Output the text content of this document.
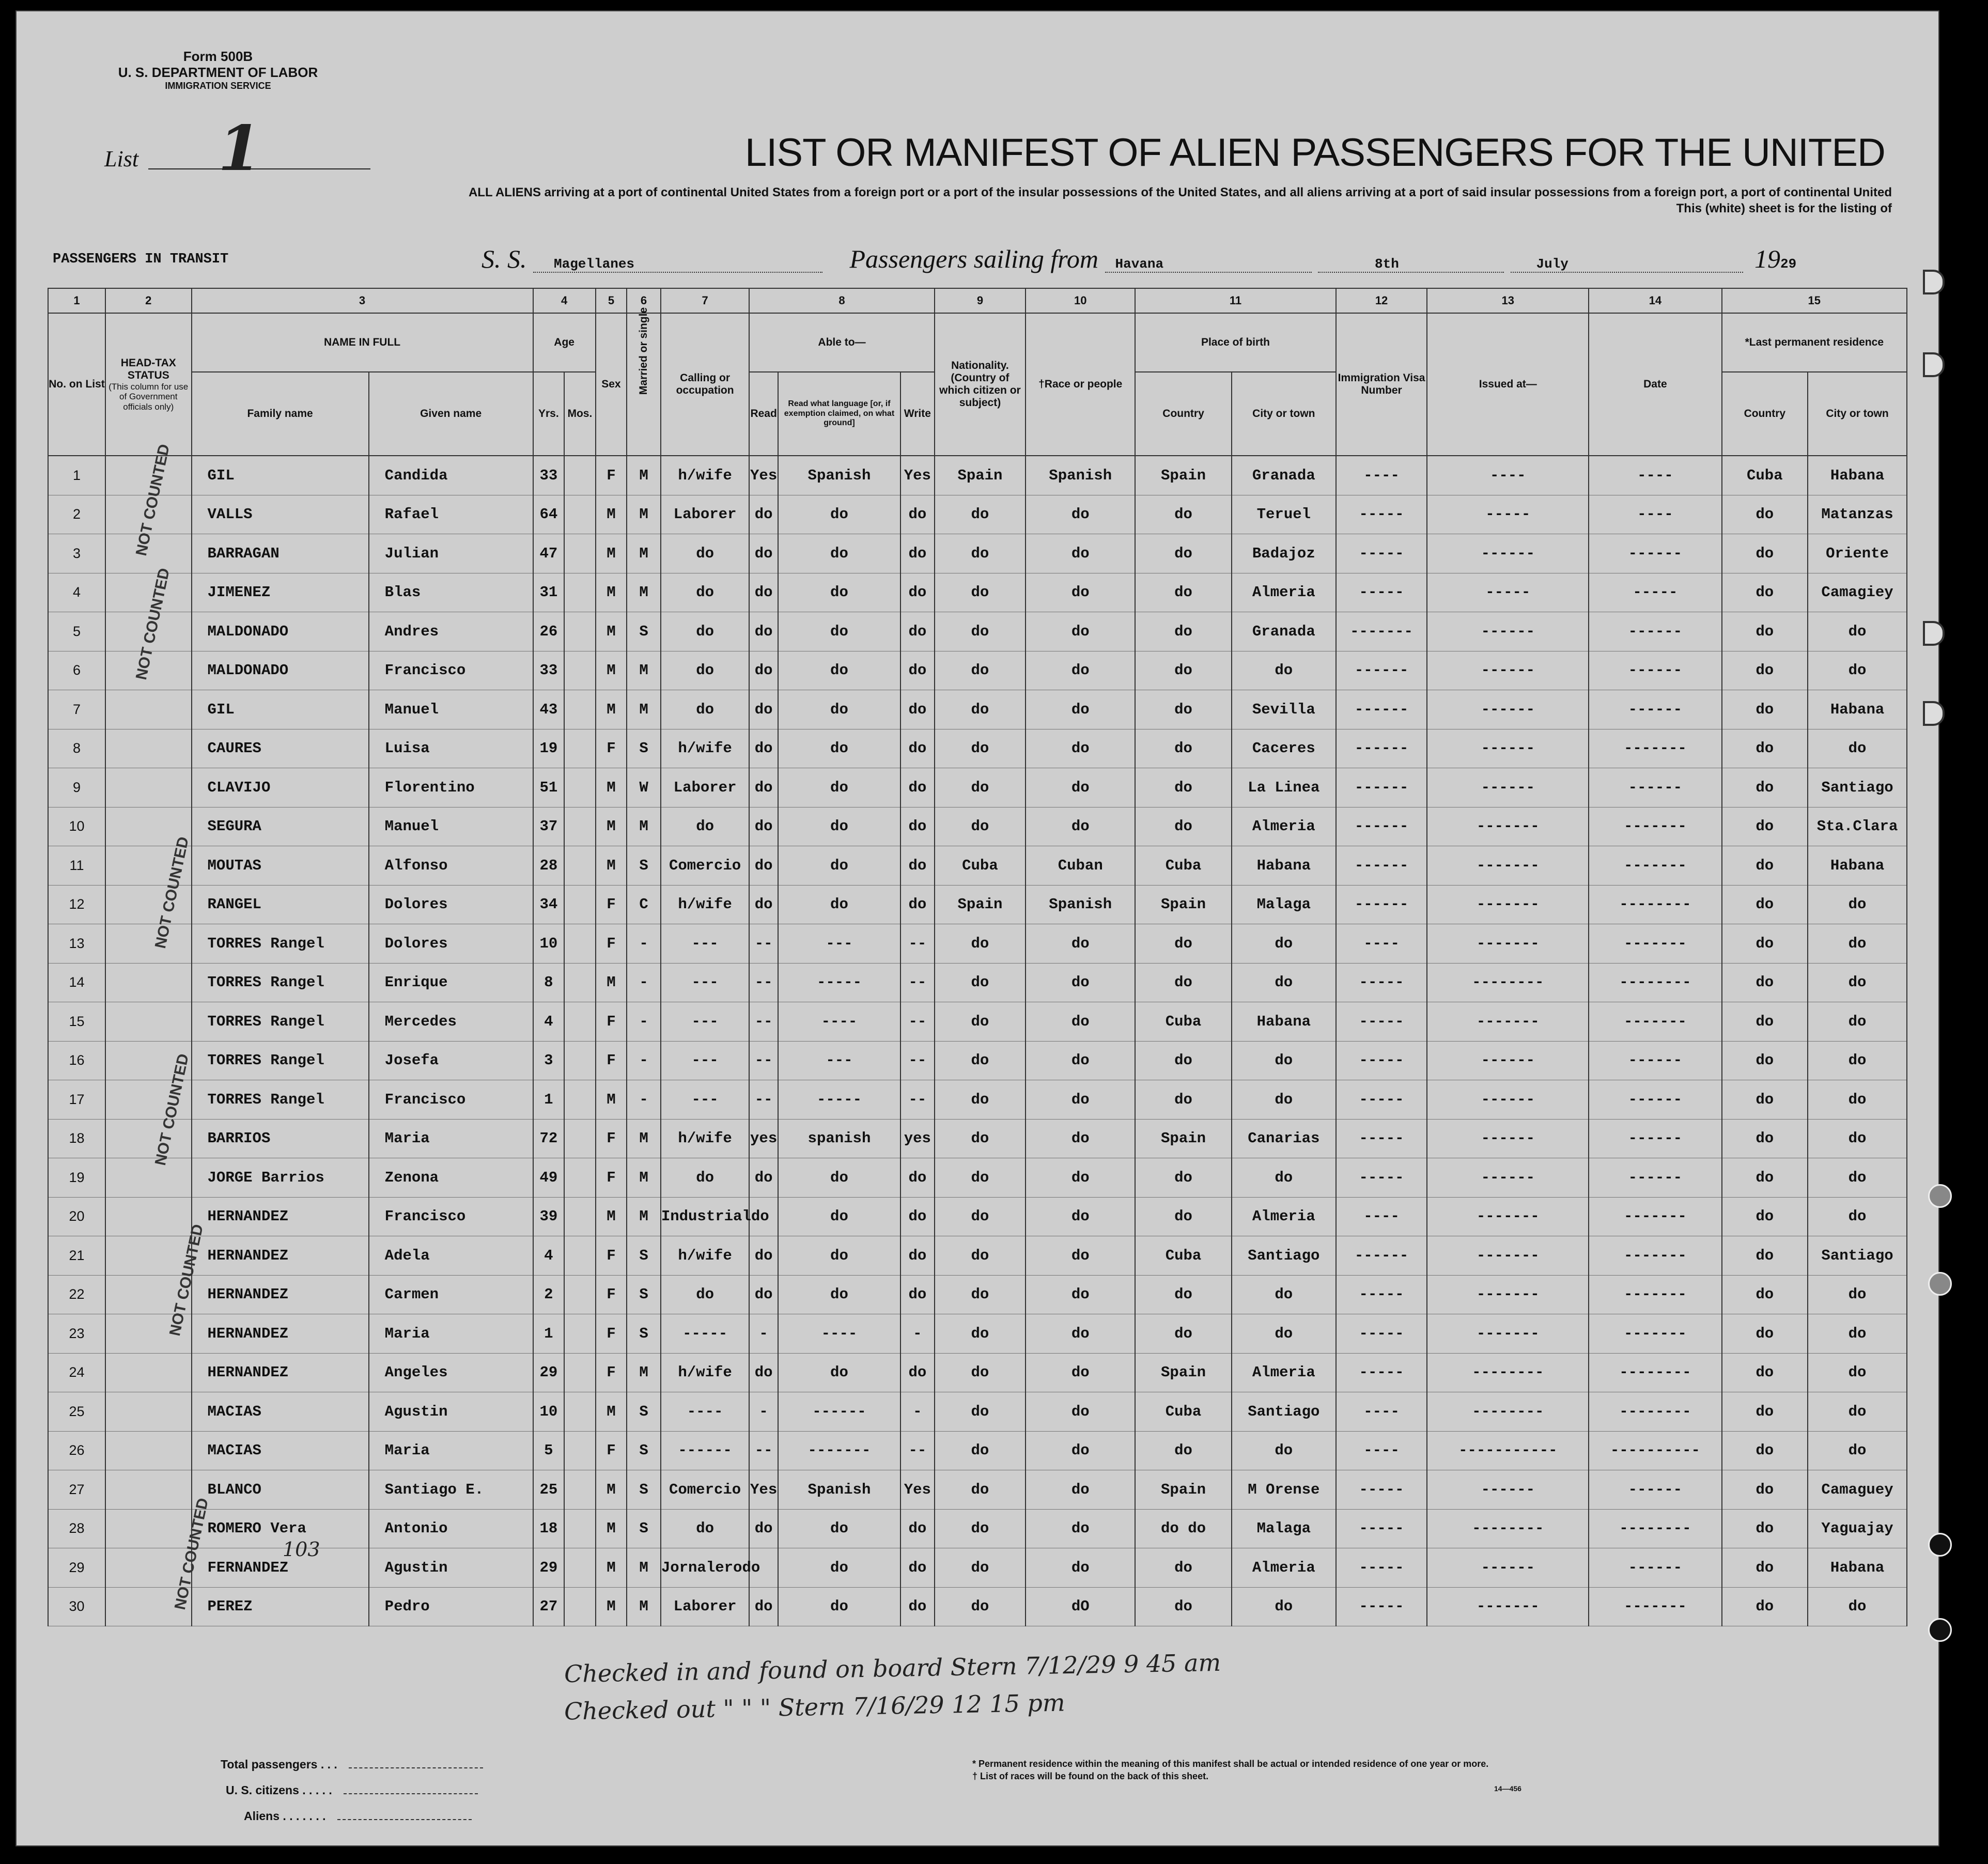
Form 500B
U. S. DEPARTMENT OF LABOR
IMMIGRATION SERVICE
List 1	LIST OR MANIFEST OF ALIEN PASSENGERS FOR THE UNITED
ALL ALIENS arriving at a port of continental United States from a foreign port or a port of the insular possessions of the United States, and all aliens arriving at a port of said insular possessions from a foreign port, a port of continental United
This (white) sheet is for the listing of
PASSENGERS IN TRANSIT	S. S. Magellanes	Passengers sailing from Havana	8th	July	1929
1	2	3		4		5	6	7	8			9	10	11		12	13	14	15	
No. on List	HEAD-TAX STATUS
(This column for use of Government officials only)	NAME IN FULL		Age		Sex	Married or single	Calling or occupation	Able to—			Nationality. (Country of which citizen or subject)	†Race or people	Place of birth		Immigration Visa Number	Issued at—	Date	*Last permanent residence	
		Family name	Given name	Yrs.	Mos.				Read	Read what language [or, if exemption claimed, on what ground]	Write			Country	City or town				Country	City or town
1		GIL	Candida	33		F	M	h/wife	Yes	Spanish	Yes	Spain	Spanish	Spain	Granada	----	----	----	Cuba	Habana
2		VALLS	Rafael	64		M	M	Laborer	do	do	do	do	do	do	Teruel	-----	-----	----	do	Matanzas
3		BARRAGAN	Julian	47		M	M	do	do	do	do	do	do	do	Badajoz	-----	------	------	do	Oriente
4		JIMENEZ	Blas	31		M	M	do	do	do	do	do	do	do	Almeria	-----	-----	-----	do	Camagiey
5		MALDONADO	Andres	26		M	S	do	do	do	do	do	do	do	Granada	-------	------	------	do	do
6		MALDONADO	Francisco	33		M	M	do	do	do	do	do	do	do	do	------	------	------	do	do
7		GIL	Manuel	43		M	M	do	do	do	do	do	do	do	Sevilla	------	------	------	do	Habana
8		CAURES	Luisa	19		F	S	h/wife	do	do	do	do	do	do	Caceres	------	------	-------	do	do
9		CLAVIJO	Florentino	51		M	W	Laborer	do	do	do	do	do	do	La Linea	------	------	------	do	Santiago
10		SEGURA	Manuel	37		M	M	do	do	do	do	do	do	do	Almeria	------	-------	-------	do	Sta.Clara
11		MOUTAS	Alfonso	28		M	S	Comercio	do	do	do	Cuba	Cuban	Cuba	Habana	------	-------	-------	do	Habana
12		RANGEL	Dolores	34		F	C	h/wife	do	do	do	Spain	Spanish	Spain	Malaga	------	-------	--------	do	do
13		TORRES Rangel	Dolores	10		F	-	---	--	---	--	do	do	do	do	----	-------	-------	do	do
14		TORRES Rangel	Enrique	8		M	-	---	--	-----	--	do	do	do	do	-----	--------	--------	do	do
15		TORRES Rangel	Mercedes	4		F	-	---	--	----	--	do	do	Cuba	Habana	-----	-------	-------	do	do
16		TORRES Rangel	Josefa	3		F	-	---	--	---	--	do	do	do	do	-----	------	------	do	do
17		TORRES Rangel	Francisco	1		M	-	---	--	-----	--	do	do	do	do	-----	------	------	do	do
18		BARRIOS	Maria	72		F	M	h/wife	yes	spanish	yes	do	do	Spain	Canarias	-----	------	------	do	do
19		JORGE Barrios	Zenona	49		F	M	do	do	do	do	do	do	do	do	-----	------	------	do	do
20		HERNANDEZ	Francisco	39		M	M	Industrialdo		do	do	do	do	do	Almeria	----	-------	-------	do	do
21		HERNANDEZ	Adela	4		F	S	h/wife	do	do	do	do	do	Cuba	Santiago	------	-------	-------	do	Santiago
22		HERNANDEZ	Carmen	2		F	S	do	do	do	do	do	do	do	do	-----	-------	-------	do	do
23		HERNANDEZ	Maria	1		F	S	-----	-	----	-	do	do	do	do	-----	-------	-------	do	do
24		HERNANDEZ	Angeles	29		F	M	h/wife	do	do	do	do	do	Spain	Almeria	-----	--------	--------	do	do
25		MACIAS	Agustin	10		M	S	----	-	------	-	do	do	Cuba	Santiago	----	--------	--------	do	do
26		MACIAS	Maria	5		F	S	------	--	-------	--	do	do	do	do	----	-----------	----------	do	do
27		BLANCO	Santiago E.	25		M	S	Comercio	Yes	Spanish	Yes	do	do	Spain	M Orense	-----	------	------	do	Camaguey
28		ROMERO Vera	Antonio	18		M	S	do	do	do	do	do	do	do do	Malaga	-----	--------	--------	do	Yaguajay
29		FERNANDEZ	Agustin	29		M	M	Jornalerodo		do	do	do	do	do	Almeria	-----	------	------	do	Habana
30		PEREZ	Pedro	27		M	M	Laborer	do	do	do	do	dO	do	do	-----	-------	-------	do	do
NOT COUNTED
NOT COUNTED
NOT COUNTED
NOT COUNTED
NOT COUNTED
NOT COUNTED	103
Checked in and found on board Stern 7/12/29 9 45 am
Checked out " " " Stern 7/16/29 12 15 pm
Total passengers . . .
U. S. citizens . . . . .
Aliens . . . . . . .
* Permanent residence within the meaning of this manifest shall be actual or intended residence of one year or more.
† List of races will be found on the back of this sheet.
14—456
